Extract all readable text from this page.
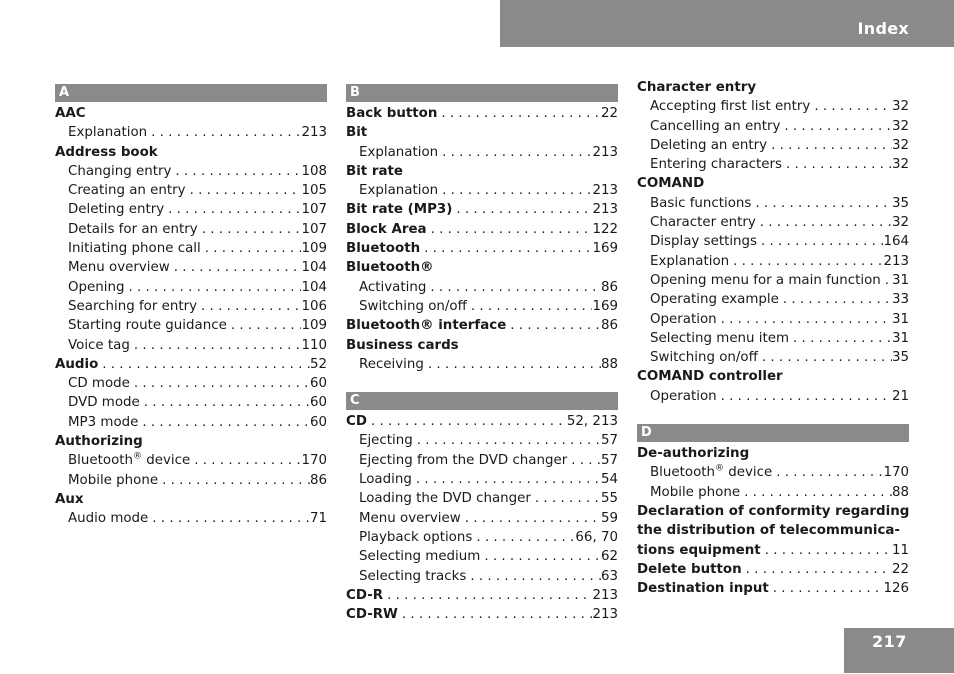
Index
A
AAC
Explanation . . .	213
Address book
Changing entry . . .	108
Creating an entry . . .	105
Deleting entry . . .	107
Details for an entry . . .	107
Initiating phone call . . .	109
Menu overview . . .	104
Opening . . .	104
Searching for entry . . .	106
Starting route guidance . . .	109
Voice tag . . .	110
Audio . . .	52
CD mode . . .	60
DVD mode . . .	60
MP3 mode . . .	60
Authorizing
Bluetooth® device . . .	170
Mobile phone . . .	86
Aux
Audio mode . . .	71
B
Back button . . .	22
Bit
Explanation . . .	213
Bit rate
Explanation . . .	213
Bit rate (MP3) . . .	213
Block Area . . .	122
Bluetooth . . .	169
Bluetooth®
Activating . . .	86
Switching on/off . . .	169
Bluetooth® interface . . .	86
Business cards
Receiving . . .	88
C
CD . . .	52, 213
Ejecting . . .	57
Ejecting from the DVD changer . . .	57
Loading . . .	54
Loading the DVD changer . . .	55
Menu overview . . .	59
Playback options . . .	66, 70
Selecting medium . . .	62
Selecting tracks . . .	63
CD-R . . .	213
CD-RW . . .	213
Character entry
Accepting first list entry . . .	32
Cancelling an entry . . .	32
Deleting an entry . . .	32
Entering characters . . .	32
COMAND
Basic functions . . .	35
Character entry . . .	32
Display settings . . .	164
Explanation . . .	213
Opening menu for a main function . . . 31
Operating example . . .	33
Operation . . .	31
Selecting menu item . . .	31
Switching on/off . . .	35
COMAND controller
Operation . . .	21
D
De-authorizing
Bluetooth® device . . .	170
Mobile phone . . .	88
Declaration of conformity regarding
the distribution of telecommunica-
tions equipment . . .	11
Delete button . . .	22
Destination input . . .	126
217
